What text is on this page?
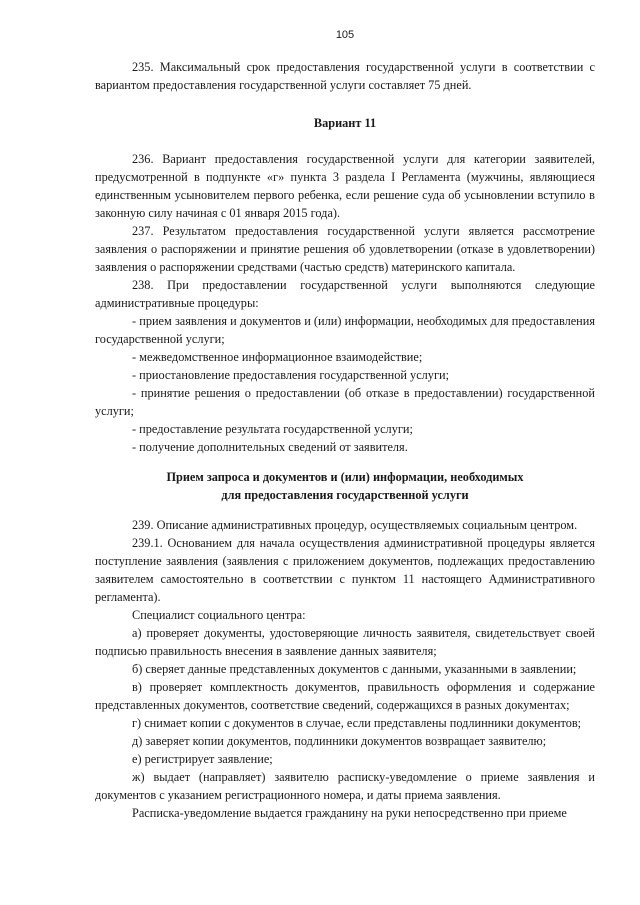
105

235. Максимальный срок предоставления государственной услуги в соответствии с вариантом предоставления государственной услуги составляет 75 дней.

Вариант 11

236. Вариант предоставления государственной услуги для категории заявителей, предусмотренной в подпункте «г» пункта 3 раздела I Регламента (мужчины, являющиеся единственным усыновителем первого ребенка, если решение суда об усыновлении вступило в законную силу начиная с 01 января 2015 года).

237. Результатом предоставления государственной услуги является рассмотрение заявления о распоряжении и принятие решения об удовлетворении (отказе в удовлетворении) заявления о распоряжении средствами (частью средств) материнского капитала.

238. При предоставлении государственной услуги выполняются следующие административные процедуры:

- прием заявления и документов и (или) информации, необходимых для предоставления государственной услуги;

- межведомственное информационное взаимодействие;

- приостановление предоставления государственной услуги;

- принятие решения о предоставлении (об отказе в предоставлении) государственной услуги;

- предоставление результата государственной услуги;

- получение дополнительных сведений от заявителя.

Прием запроса и документов и (или) информации, необходимых

для предоставления государственной услуги

239. Описание административных процедур, осуществляемых социальным центром.

239.1. Основанием для начала осуществления административной процедуры является поступление заявления (заявления с приложением документов, подлежащих предоставлению заявителем самостоятельно в соответствии с пунктом 11 настоящего Административного регламента).

Специалист социального центра:

а) проверяет документы, удостоверяющие личность заявителя, свидетельствует своей подписью правильность внесения в заявление данных заявителя;

б) сверяет данные представленных документов с данными, указанными в заявлении;

в) проверяет комплектность документов, правильность оформления и содержание представленных документов, соответствие сведений, содержащихся в разных документах;

г) снимает копии с документов в случае, если представлены подлинники документов;

д) заверяет копии документов, подлинники документов возвращает заявителю;

е) регистрирует заявление;

ж) выдает (направляет) заявителю расписку-уведомление о приеме заявления и документов с указанием регистрационного номера, и даты приема заявления.

Расписка-уведомление выдается гражданину на руки непосредственно при приеме
